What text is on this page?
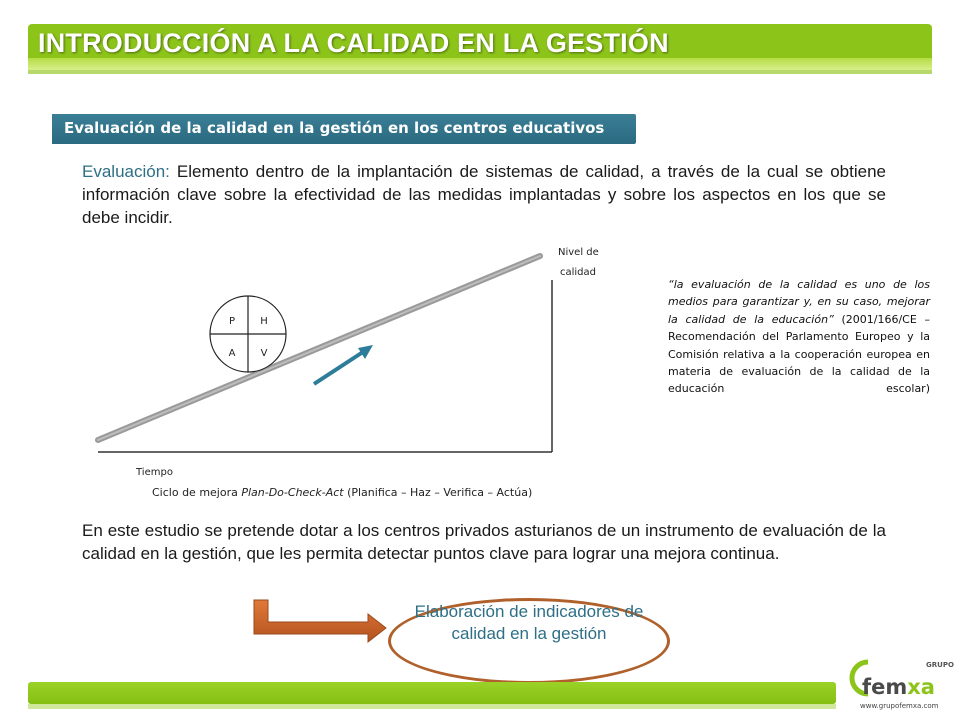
INTRODUCCIÓN A LA CALIDAD EN LA GESTIÓN
Evaluación de la calidad en la gestión en los centros educativos

Evaluación: Elemento dentro de la implantación de sistemas de calidad, a través de la cual se obtiene información clave sobre la efectividad de las medidas implantadas y sobre los aspectos en los que se debe incidir.

P	H
A	V
Nivel de
calidad
Tiempo

Ciclo de mejora Plan-Do-Check-Act (Planifica – Haz – Verifica – Actúa)

“la evaluación de la calidad es uno de los medios para garantizar y, en su caso, mejorar la calidad de la educación” (2001/166/CE – Recomendación del Parlamento Europeo y la Comisión relativa a la cooperación europea en materia de evaluación de la calidad de la educación escolar)

En este estudio se pretende dotar a los centros privados asturianos de un instrumento de evaluación de la calidad en la gestión, que les permita detectar puntos clave para lograr una mejora continua.

Elaboración de indicadores de calidad en la gestión

GRUPO
femxa
www.grupofemxa.com
